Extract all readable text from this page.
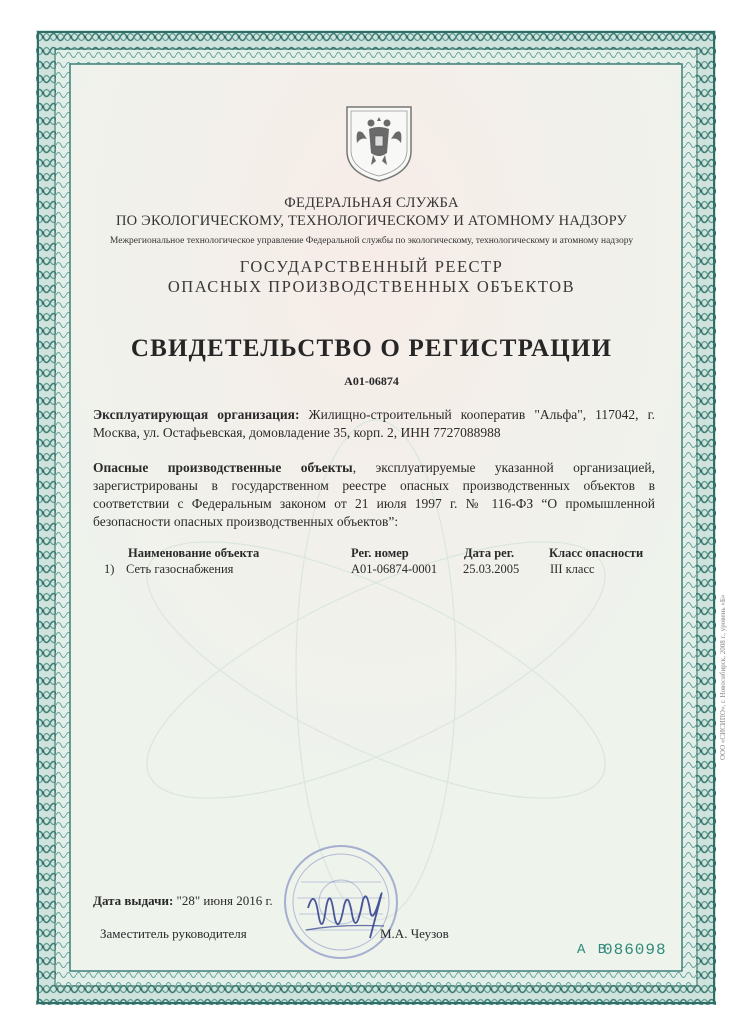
ФЕДЕРАЛЬНАЯ СЛУЖБА
ПО ЭКОЛОГИЧЕСКОМУ, ТЕХНОЛОГИЧЕСКОМУ И АТОМНОМУ НАДЗОРУ
Межрегиональное технологическое управление Федеральной службы по экологическому, технологическому и атомному надзору
ГОСУДАРСТВЕННЫЙ РЕЕСТР
ОПАСНЫХ ПРОИЗВОДСТВЕННЫХ ОБЪЕКТОВ
СВИДЕТЕЛЬСТВО О РЕГИСТРАЦИИ
А01-06874
Эксплуатирующая организация: Жилищно-строительный кооператив "Альфа", 117042, г. Москва, ул. Остафьевская, домовладение 35, корп. 2, ИНН 7727088988
Опасные производственные объекты, эксплуатируемые указанной организацией, зарегистрированы в государственном реестре опасных производственных объектов в соответствии с Федеральным законом от 21 июля 1997 г. № 116-ФЗ “О промышленной безопасности опасных производственных объектов”:
Наименование объекта	Рег. номер	Дата рег.	Класс опасности
1) Сеть газоснабжения	А01-06874-0001 25.03.2005 III класс
Дата выдачи: "28" июня 2016 г.
Заместитель руководителя	М.А. Чеузов
А В
086098
ООО «СИСИПО», г. Новосибирск, 2008 г., уровень «Б»
